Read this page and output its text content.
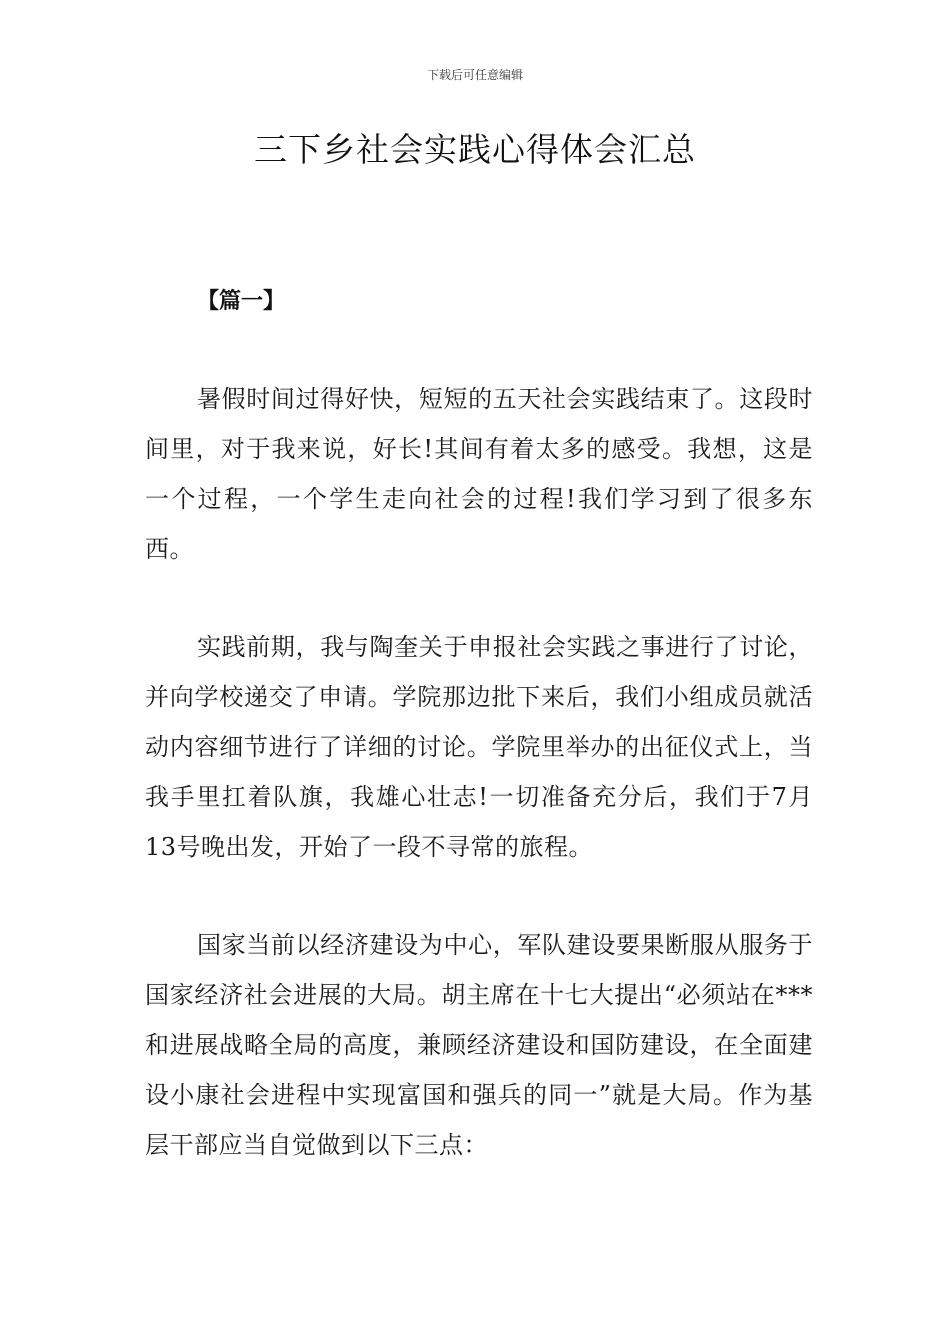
下载后可任意编辑
三下乡社会实践心得体会汇总
【篇一】

暑假时间过得好快，短短的五天社会实践结束了。这段时间里，对于我来说，好长!其间有着太多的感受。我想，这是一个过程，一个学生走向社会的过程!我们学习到了很多东西。

实践前期，我与陶奎关于申报社会实践之事进行了讨论，并向学校递交了申请。学院那边批下来后，我们小组成员就活动内容细节进行了详细的讨论。学院里举办的出征仪式上，当我手里扛着队旗，我雄心壮志!一切准备充分后，我们于7月13号晚出发，开始了一段不寻常的旅程。

国家当前以经济建设为中心，军队建设要果断服从服务于国家经济社会进展的大局。胡主席在十七大提出“必须站在***和进展战略全局的高度，兼顾经济建设和国防建设，在全面建设小康社会进程中实现富国和强兵的同一”就是大局。作为基层干部应当自觉做到以下三点：
